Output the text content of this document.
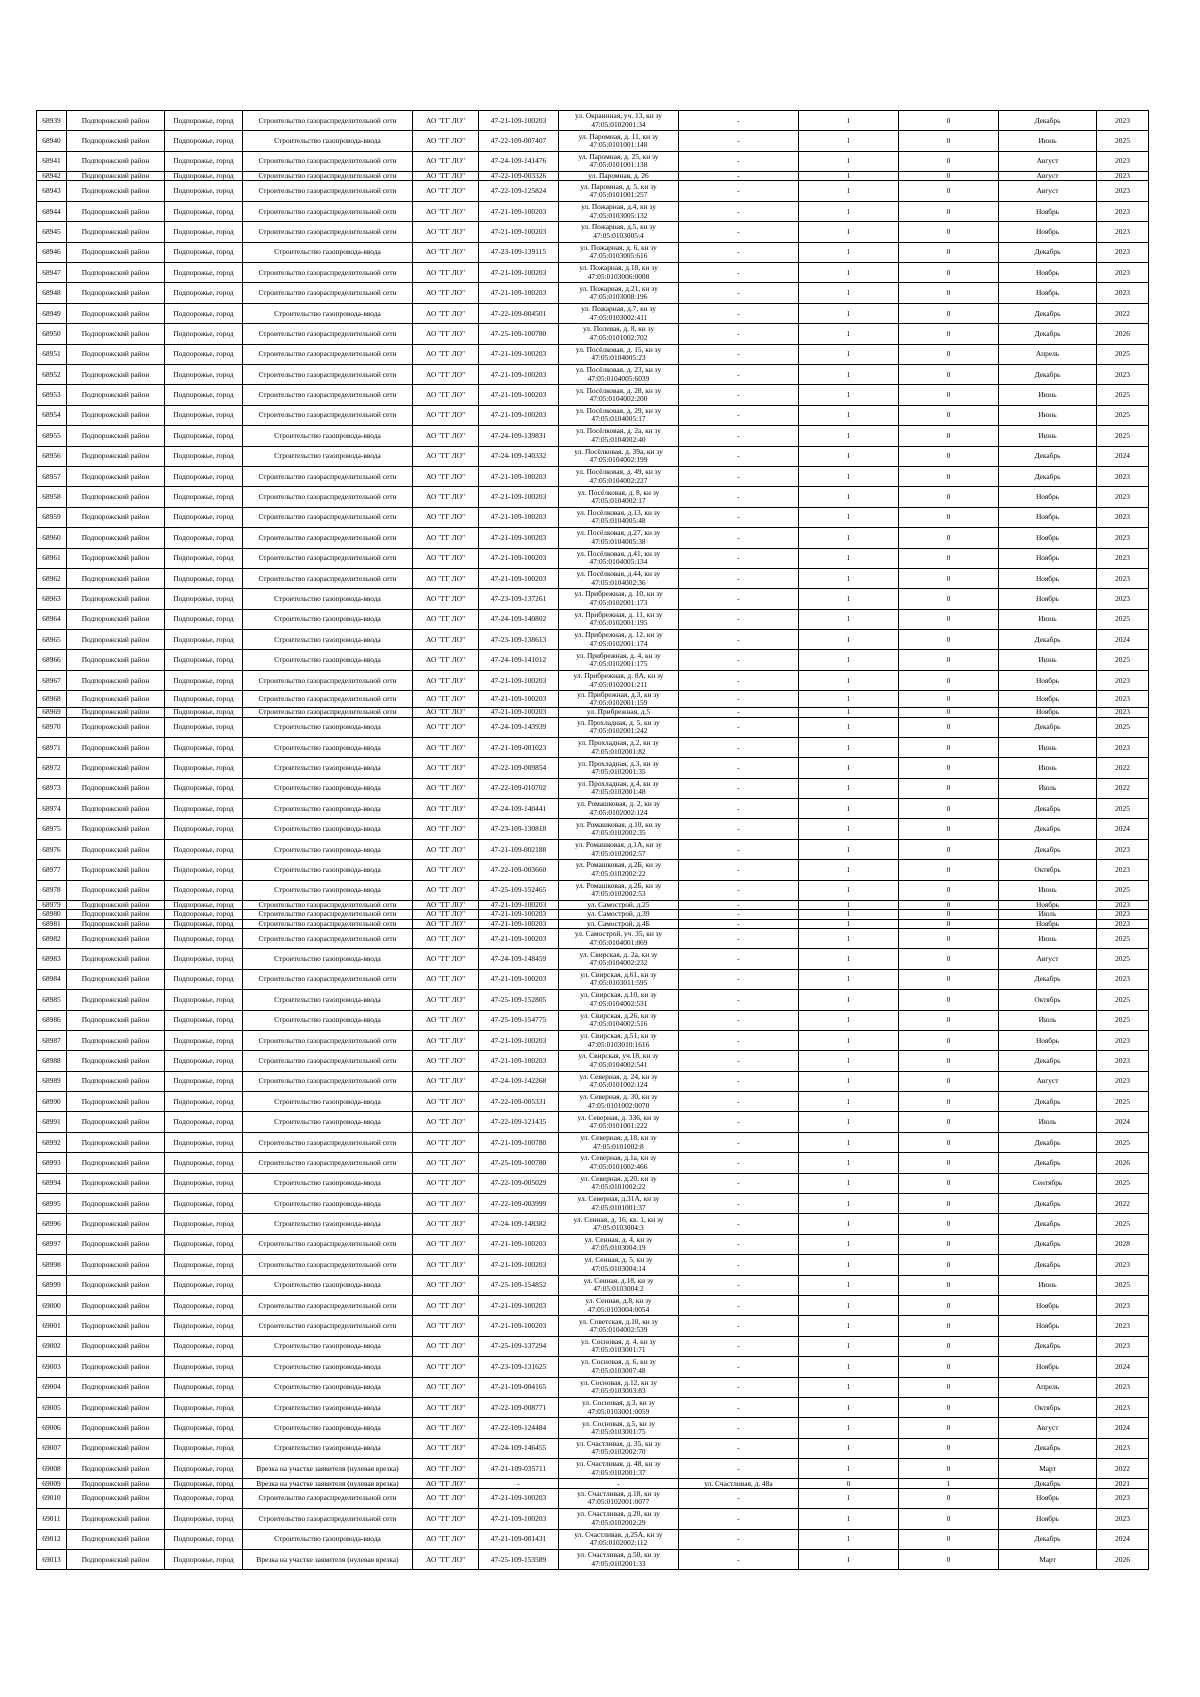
68939	Подпорожский район	Подпорожье, город	Строительство газораспределительной сети	АО "ГГ ЛО"	47-21-109-100203	ул. Окраинная, уч. 13, кн зу 47:05:0102001:34	-	1	0	Декабрь	2023
68940	Подпорожский район	Подпорожье, город	Строительство газопровода-ввода	АО "ГГ ЛО"	47-22-109-007407	ул. Паромная, д. 11, кн зу 47:05:0101001:148	-	1	0	Июнь	2025
68941	Подпорожский район	Подпорожье, город	Строительство газораспределительной сети	АО "ГГ ЛО"	47-24-109-141476	ул. Паромная, д. 25, кн зу 47:05:0101001:138	-	1	0	Август	2023
68942	Подпорожский район	Подпорожье, город	Строительство газораспределительной сети	АО "ГГ ЛО"	47-22-109-003326	ул. Паромная, д. 26	-	1	0	Август	2023
68943	Подпорожский район	Подпорожье, город	Строительство газораспределительной сети	АО "ГГ ЛО"	47-22-109-125824	ул. Паромная, д. 5, кн зу 47:05:0101001:257	-	1	0	Август	2023
68944	Подпорожский район	Подпорожье, город	Строительство газораспределительной сети	АО "ГГ ЛО"	47-21-109-100203	ул. Пожарная, д.4, кн зу 47:05:0103005:132	-	1	0	Ноябрь	2023
68945	Подпорожский район	Подпорожье, город	Строительство газораспределительной сети	АО "ГГ ЛО"	47-21-109-100203	ул. Пожарная, д.5, кн зу 47:05:0103005:4	-	1	0	Ноябрь	2023
68946	Подпорожский район	Подпорожье, город	Строительство газопровода-ввода	АО "ГГ ЛО"	47-23-109-139115	ул. Пожарная, д. 6, кн зу 47:05:0103005:616	-	1	0	Декабрь	2023
68947	Подпорожский район	Подпорожье, город	Строительство газораспределительной сети	АО "ГГ ЛО"	47-21-109-100203	ул. Пожарная, д.18, кн зу 47:05:0103006:0008	-	1	0	Ноябрь	2023
68948	Подпорожский район	Подпорожье, город	Строительство газораспределительной сети	АО "ГГ ЛО"	47-21-109-100203	ул. Пожарная, д.21, кн зу 47:05:0103008:196	-	1	0	Ноябрь	2023
68949	Подпорожский район	Подпорожье, город	Строительство газопровода-ввода	АО "ГГ ЛО"	47-22-109-004501	ул. Пожарная, д.7, кн зу 47:05:0103002:411	-	1	0	Декабрь	2022
68950	Подпорожский район	Подпорожье, город	Строительство газораспределительной сети	АО "ГГ ЛО"	47-25-109-100780	ул. Полевая, д. 8, кн зу 47:05:0101002:702	-	1	0	Декабрь	2026
68951	Подпорожский район	Подпорожье, город	Строительство газораспределительной сети	АО "ГГ ЛО"	47-21-109-100203	ул. Посёлковая, д. 15, кн зу 47:05:0104005:23	-	1	0	Апрель	2025
68952	Подпорожский район	Подпорожье, город	Строительство газораспределительной сети	АО "ГГ ЛО"	47-21-109-100203	ул. Посёлковая, д. 23, кн зу 47:05:0104005:6039	-	1	0	Декабрь	2023
68953	Подпорожский район	Подпорожье, город	Строительство газораспределительной сети	АО "ГГ ЛО"	47-21-109-100203	ул. Посёлковая, д. 28, кн зу 47:05:0104002:200	-	1	0	Июнь	2025
68954	Подпорожский район	Подпорожье, город	Строительство газораспределительной сети	АО "ГГ ЛО"	47-21-109-100203	ул. Посёлковая, д. 29, кн зу 47:05:0104005:17	-	1	0	Июнь	2025
68955	Подпорожский район	Подпорожье, город	Строительство газопровода-ввода	АО "ГГ ЛО"	47-24-109-139831	ул. Посёлковая, д. 2а, кн зу 47:05:0104002:40	-	1	0	Июнь	2025
68956	Подпорожский район	Подпорожье, город	Строительство газопровода-ввода	АО "ГГ ЛО"	47-24-109-140332	ул. Посёлковая, д. 39а, кн зу 47:05:0104002:199	-	1	0	Декабрь	2024
68957	Подпорожский район	Подпорожье, город	Строительство газораспределительной сети	АО "ГГ ЛО"	47-21-109-100203	ул. Посёлковая, д. 49, кн зу 47:05:0104002:227	-	1	0	Декабрь	2023
68958	Подпорожский район	Подпорожье, город	Строительство газораспределительной сети	АО "ГГ ЛО"	47-21-109-100203	ул. Посёлковая, д. 8, кн зу 47:05:0104002:17	-	1	0	Ноябрь	2023
68959	Подпорожский район	Подпорожье, город	Строительство газораспределительной сети	АО "ГГ ЛО"	47-21-109-100203	ул. Посёлковая, д.13, кн зу 47:05:0104005:48	-	1	0	Ноябрь	2023
68960	Подпорожский район	Подпорожье, город	Строительство газораспределительной сети	АО "ГГ ЛО"	47-21-109-100203	ул. Посёлковая, д.27, кн зу 47:05:0104005:38	-	1	0	Ноябрь	2023
68961	Подпорожский район	Подпорожье, город	Строительство газораспределительной сети	АО "ГГ ЛО"	47-21-109-100203	ул. Посёлковая, д.41, кн зу 47:05:0104005:134	-	1	0	Ноябрь	2023
68962	Подпорожский район	Подпорожье, город	Строительство газораспределительной сети	АО "ГГ ЛО"	47-21-109-100203	ул. Посёлковая, д.44, кн зу 47:05:0104002:36	-	1	0	Ноябрь	2023
68963	Подпорожский район	Подпорожье, город	Строительство газопровода-ввода	АО "ГГ ЛО"	47-23-109-137261	ул. Прибрежная, д. 10, кн зу 47:05:0102001:173	-	1	0	Ноябрь	2023
68964	Подпорожский район	Подпорожье, город	Строительство газопровода-ввода	АО "ГГ ЛО"	47-24-109-140802	ул. Прибрежная, д. 11, кн зу 47:05:0102001:195	-	1	0	Июнь	2025
68965	Подпорожский район	Подпорожье, город	Строительство газопровода-ввода	АО "ГГ ЛО"	47-23-109-138613	ул. Прибрежная, д. 12, кн зу 47:05:0102001:174	-	1	0	Декабрь	2024
68966	Подпорожский район	Подпорожье, город	Строительство газопровода-ввода	АО "ГГ ЛО"	47-24-109-141012	ул. Прибрежная, д. 4, кн зу 47:05:0102001:175	-	1	0	Июнь	2025
68967	Подпорожский район	Подпорожье, город	Строительство газораспределительной сети	АО "ГГ ЛО"	47-21-109-100203	ул. Прибрежная, д. 8А, кн зу 47:05:0102001:211	-	1	0	Ноябрь	2023
68968	Подпорожский район	Подпорожье, город	Строительство газораспределительной сети	АО "ГГ ЛО"	47-21-109-100203	ул. Прибрежная, д.3, кн зу 47:05:0102001:159	-	1	0	Ноябрь	2023
68969	Подпорожский район	Подпорожье, город	Строительство газораспределительной сети	АО "ГГ ЛО"	47-21-109-100203	ул. Прибрежная, д.5	-	1	0	Ноябрь	2023
68970	Подпорожский район	Подпорожье, город	Строительство газопровода-ввода	АО "ГГ ЛО"	47-24-109-143939	ул. Прохладная, д. 5, кн зу 47:05:0102001:242	-	1	0	Декабрь	2025
68971	Подпорожский район	Подпорожье, город	Строительство газопровода-ввода	АО "ГГ ЛО"	47-21-109-001023	ул. Прохладная, д.2, кн зу 47:05:0102001:82	-	1	0	Июнь	2023
68972	Подпорожский район	Подпорожье, город	Строительство газопровода-ввода	АО "ГГ ЛО"	47-22-109-009854	ул. Прохладная, д.3, кн зу 47:05:0102001:35	-	1	0	Июнь	2022
68973	Подпорожский район	Подпорожье, город	Строительство газопровода-ввода	АО "ГГ ЛО"	47-22-109-010702	ул. Прохладная, д.4, кн зу 47:05:0102001:48	-	1	0	Июль	2022
68974	Подпорожский район	Подпорожье, город	Строительство газопровода-ввода	АО "ГГ ЛО"	47-24-109-140441	ул. Ромашковая, д. 2, кн зу 47:05:0102002:124	-	1	0	Декабрь	2025
68975	Подпорожский район	Подпорожье, город	Строительство газопровода-ввода	АО "ГГ ЛО"	47-23-109-130818	ул. Ромашковая, д.10, кн зу 47:05:0102002:35	-	1	0	Декабрь	2024
68976	Подпорожский район	Подпорожье, город	Строительство газопровода-ввода	АО "ГГ ЛО"	47-21-109-002188	ул. Ромашковая, д.1А, кн зу 47:05:0102002:57	-	1	0	Декабрь	2023
68977	Подпорожский район	Подпорожье, город	Строительство газопровода-ввода	АО "ГГ ЛО"	47-22-109-003660	ул. Ромашковая, д.2Б, кн зу 47:05:0102002:22	-	1	0	Октябрь	2023
68978	Подпорожский район	Подпорожье, город	Строительство газопровода-ввода	АО "ГГ ЛО"	47-25-109-152465	ул. Ромашковая, д.2Б, кн зу 47:05:0102002:53	-	1	0	Июнь	2025
68979	Подпорожский район	Подпорожье, город	Строительство газораспределительной сети	АО "ГГ ЛО"	47-21-109-100203	ул. Самострой, д.25	-	1	0	Ноябрь	2023
68980	Подпорожский район	Подпорожье, город	Строительство газораспределительной сети	АО "ГГ ЛО"	47-21-109-100203	ул. Самострой, д.39	-	1	0	Июль	2023
68981	Подпорожский район	Подпорожье, город	Строительство газораспределительной сети	АО "ГГ ЛО"	47-21-109-100203	ул. Самострой, д.4Б	-	1	0	Ноябрь	2023
68982	Подпорожский район	Подпорожье, город	Строительство газораспределительной сети	АО "ГГ ЛО"	47-21-109-100203	ул. Самострой, уч. 35, кн зу 47:05:0104001:869	-	1	0	Июнь	2025
68983	Подпорожский район	Подпорожье, город	Строительство газопровода-ввода	АО "ГГ ЛО"	47-24-109-148459	ул. Свирская, д. 2а, кн зу 47:05:0104002:232	-	1	0	Август	2025
68984	Подпорожский район	Подпорожье, город	Строительство газораспределительной сети	АО "ГГ ЛО"	47-21-109-100203	ул. Свирская, д.61, кн зу 47:05:0103011:595	-	1	0	Декабрь	2023
68985	Подпорожский район	Подпорожье, город	Строительство газопровода-ввода	АО "ГГ ЛО"	47-25-109-152805	ул. Свирская, д.10, кн зу 47:05:0104002:531	-	1	0	Октябрь	2025
68986	Подпорожский район	Подпорожье, город	Строительство газопровода-ввода	АО "ГГ ЛО"	47-25-109-154775	ул. Свирская, д.26, кн зу 47:05:0104002:516	-	1	0	Июль	2025
68987	Подпорожский район	Подпорожье, город	Строительство газораспределительной сети	АО "ГГ ЛО"	47-21-109-100203	ул. Свирская, д.51, кн зу 47:05:0103010:1616	-	1	0	Ноябрь	2023
68988	Подпорожский район	Подпорожье, город	Строительство газораспределительной сети	АО "ГГ ЛО"	47-21-109-100203	ул. Свирская, уч.18, кн зу 47:05:0104002:541	-	1	0	Декабрь	2023
68989	Подпорожский район	Подпорожье, город	Строительство газораспределительной сети	АО "ГГ ЛО"	47-24-109-142268	ул. Северная, д. 24, кн зу 47:05:0101002:124	-	1	0	Август	2023
68990	Подпорожский район	Подпорожье, город	Строительство газопровода-ввода	АО "ГГ ЛО"	47-22-109-005331	ул. Северная, д. 30, кн зу 47:05:0101002:0070	-	1	0	Декабрь	2025
68991	Подпорожский район	Подпорожье, город	Строительство газопровода-ввода	АО "ГГ ЛО"	47-22-109-121435	ул. Северная, д. 336, кн зу 47:05:0101001:222	-	1	0	Июль	2024
68992	Подпорожский район	Подпорожье, город	Строительство газораспределительной сети	АО "ГГ ЛО"	47-21-109-100780	ул. Северная, д.18, кн зу 47:05:0101002:8	-	1	0	Декабрь	2025
68993	Подпорожский район	Подпорожье, город	Строительство газораспределительной сети	АО "ГГ ЛО"	47-25-109-100780	ул. Северная, д.1а, кн зу 47:05:0101002:466	-	1	0	Декабрь	2026
68994	Подпорожский район	Подпорожье, город	Строительство газопровода-ввода	АО "ГГ ЛО"	47-22-109-005029	ул. Северная, д.20, кн зу 47:05:0101002:22	-	1	0	Сентябрь	2025
68995	Подпорожский район	Подпорожье, город	Строительство газопровода-ввода	АО "ГГ ЛО"	47-22-109-003999	ул. Северная, д.31А, кн зу 47:05:0101001:37	-	1	0	Декабрь	2022
68996	Подпорожский район	Подпорожье, город	Строительство газопровода-ввода	АО "ГГ ЛО"	47-24-109-148382	ул. Сенная, д. 16, кв. 1, кн зу 47:05:0103004:3	-	1	0	Декабрь	2025
68997	Подпорожский район	Подпорожье, город	Строительство газораспределительной сети	АО "ГГ ЛО"	47-21-109-100203	ул. Сенная, д. 4, кн зу 47:05:0103004:19	-	1	0	Декабрь	2028
68998	Подпорожский район	Подпорожье, город	Строительство газораспределительной сети	АО "ГГ ЛО"	47-21-109-100203	ул. Сенная, д. 5, кн зу 47:05:0103004:14	-	1	0	Декабрь	2023
68999	Подпорожский район	Подпорожье, город	Строительство газопровода-ввода	АО "ГГ ЛО"	47-25-109-154852	ул. Сенная, д.18, кн зу 47:05:0103004:2	-	1	0	Июнь	2025
69000	Подпорожский район	Подпорожье, город	Строительство газораспределительной сети	АО "ГГ ЛО"	47-21-109-100203	ул. Сенная, д.8, кн зу 47:05:0103004:0054	-	1	0	Ноябрь	2023
69001	Подпорожский район	Подпорожье, город	Строительство газораспределительной сети	АО "ГГ ЛО"	47-21-109-100203	ул. Советская, д.10, кн зу 47:05:0104002:539	-	1	0	Ноябрь	2023
69002	Подпорожский район	Подпорожье, город	Строительство газопровода-ввода	АО "ГГ ЛО"	47-25-109-137294	ул. Сосновая, д. 4, кн зу 47:05:0103001:71	-	1	0	Декабрь	2023
69003	Подпорожский район	Подпорожье, город	Строительство газопровода-ввода	АО "ГГ ЛО"	47-23-109-131625	ул. Сосновая, д. 6, кн зу 47:05:0103007:48	-	1	0	Ноябрь	2024
69004	Подпорожский район	Подпорожье, город	Строительство газопровода-ввода	АО "ГГ ЛО"	47-21-109-004165	ул. Сосновая, д.12, кн зу 47:05:0103003:83	-	1	0	Апрель	2023
69005	Подпорожский район	Подпорожье, город	Строительство газопровода-ввода	АО "ГГ ЛО"	47-22-109-008771	ул. Сосновая, д.3, кн зу 47:05:0103001:0059	-	1	0	Октябрь	2023
69006	Подпорожский район	Подпорожье, город	Строительство газопровода-ввода	АО "ГГ ЛО"	47-22-109-124484	ул. Сосновая, д.5, кн зу 47:05:0103001:75	-	1	0	Август	2024
69007	Подпорожский район	Подпорожье, город	Строительство газопровода-ввода	АО "ГГ ЛО"	47-24-109-146455	ул. Счастливая, д. 35, кн зу 47:05:0102002:70	-	1	0	Декабрь	2023
69008	Подпорожский район	Подпорожье, город	Врезка на участке заявителя (нулевая врезка)	АО "ГГ ЛО"	47-21-109-035711	ул. Счастливая, д. 48, кн зу 47:05:0102001:37	-	1	0	Март	2022
69009	Подпорожский район	Подпорожье, город	Врезка на участке заявителя (нулевая врезка)	АО "ГГ ЛО"	-	-	ул. Счастливая, д. 48а	0	1	Декабрь	2021
69010	Подпорожский район	Подпорожье, город	Строительство газораспределительной сети	АО "ГГ ЛО"	47-21-109-100203	ул. Счастливая, д.18, кн зу 47:05:0102001:0077	-	1	0	Ноябрь	2023
69011	Подпорожский район	Подпорожье, город	Строительство газораспределительной сети	АО "ГГ ЛО"	47-21-109-100203	ул. Счастливая, д.20, кн зу 47:05:0102002:29	-	1	0	Ноябрь	2023
69012	Подпорожский район	Подпорожье, город	Строительство газопровода-ввода	АО "ГГ ЛО"	47-21-109-001431	ул. Счастливая, д.25А, кн зу 47:05:0102002:112	-	1	0	Декабрь	2024
69013	Подпорожский район	Подпорожье, город	Врезка на участке заявителя (нулевая врезка)	АО "ГГ ЛО"	47-25-109-153589	ул. Счастливая, д.50, кн зу 47:05:0102001:33	-	1	0	Март	2026
